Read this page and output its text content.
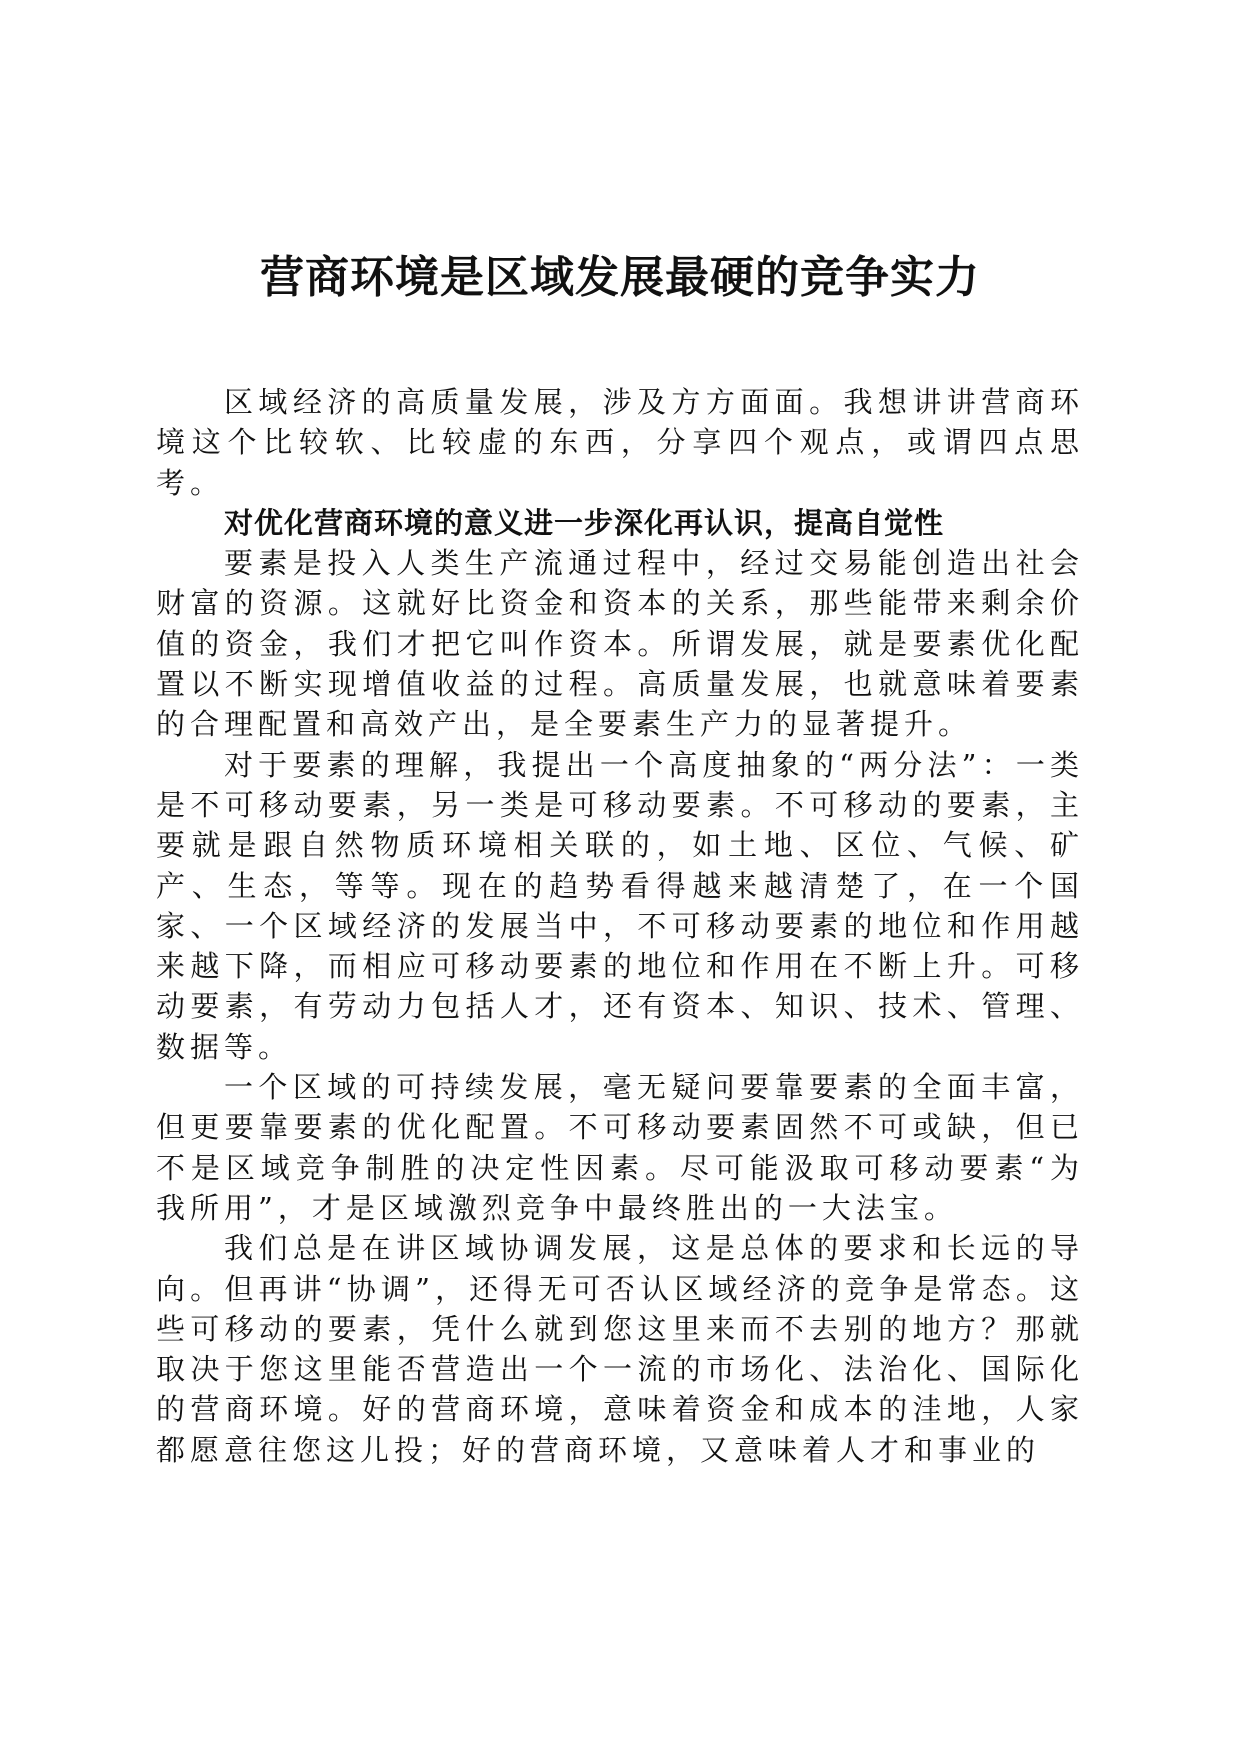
营商环境是区域发展最硬的竞争实力

区域经济的高质量发展，涉及方方面面。我想讲讲营商环境这个比较软、比较虚的东西，分享四个观点，或谓四点思考。

对优化营商环境的意义进一步深化再认识，提高自觉性

要素是投入人类生产流通过程中，经过交易能创造出社会财富的资源。这就好比资金和资本的关系，那些能带来剩余价值的资金，我们才把它叫作资本。所谓发展，就是要素优化配置以不断实现增值收益的过程。高质量发展，也就意味着要素的合理配置和高效产出，是全要素生产力的显著提升。

对于要素的理解，我提出一个高度抽象的“两分法”：一类是不可移动要素，另一类是可移动要素。不可移动的要素，主要就是跟自然物质环境相关联的，如土地、区位、气候、矿产、生态，等等。现在的趋势看得越来越清楚了，在一个国家、一个区域经济的发展当中，不可移动要素的地位和作用越来越下降，而相应可移动要素的地位和作用在不断上升。可移动要素，有劳动力包括人才，还有资本、知识、技术、管理、数据等。

一个区域的可持续发展，毫无疑问要靠要素的全面丰富，但更要靠要素的优化配置。不可移动要素固然不可或缺，但已不是区域竞争制胜的决定性因素。尽可能汲取可移动要素“为我所用”，才是区域激烈竞争中最终胜出的一大法宝。

我们总是在讲区域协调发展，这是总体的要求和长远的导向。但再讲“协调”，还得无可否认区域经济的竞争是常态。这些可移动的要素，凭什么就到您这里来而不去别的地方？那就取决于您这里能否营造出一个一流的市场化、法治化、国际化的营商环境。好的营商环境，意味着资金和成本的洼地，人家都愿意往您这儿投；好的营商环境，又意味着人才和事业的
